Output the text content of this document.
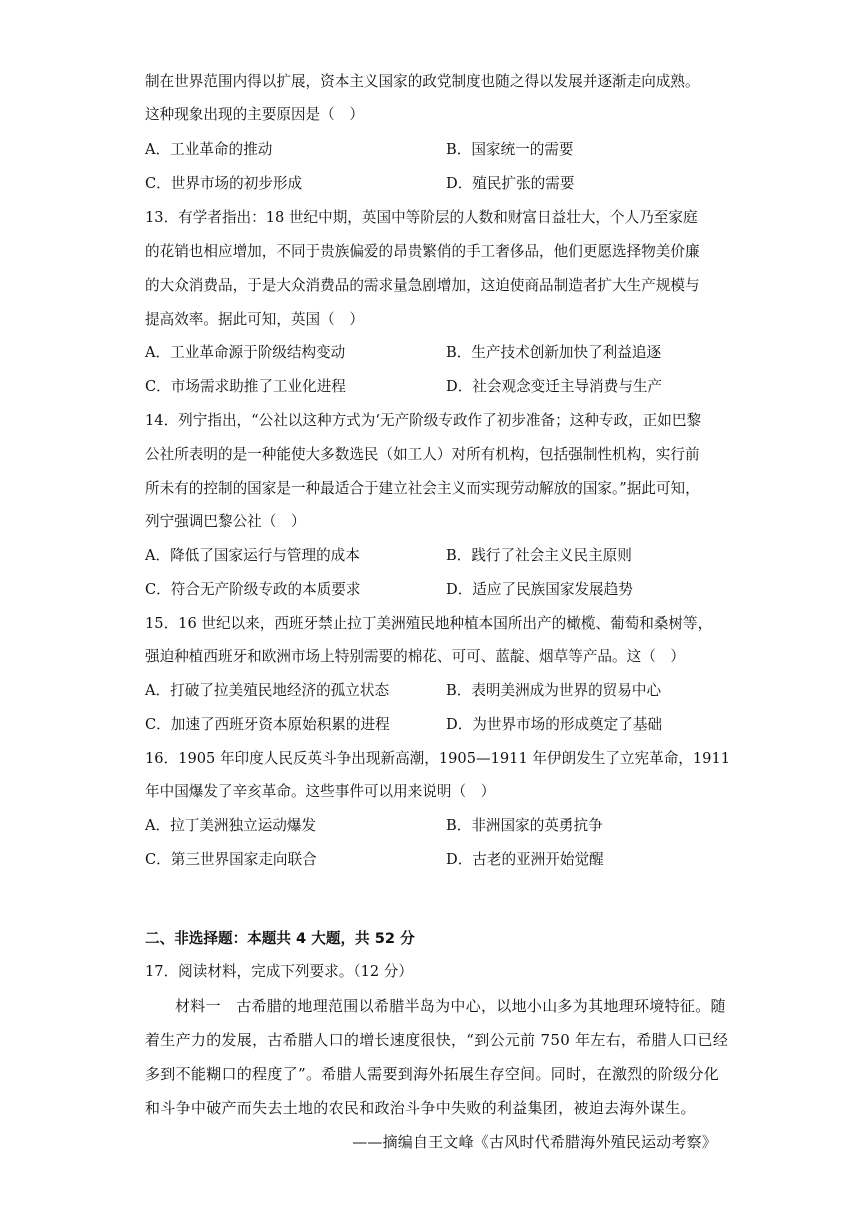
制在世界范围内得以扩展，资本主义国家的政党制度也随之得以发展并逐渐走向成熟。
这种现象出现的主要原因是（　）
A．工业革命的推动	B．国家统一的需要
C．世界市场的初步形成	D．殖民扩张的需要
13．有学者指出：18 世纪中期，英国中等阶层的人数和财富日益壮大，个人乃至家庭
的花销也相应增加，不同于贵族偏爱的昂贵繁俏的手工奢侈品，他们更愿选择物美价廉
的大众消费品，于是大众消费品的需求量急剧增加，这迫使商品制造者扩大生产规模与
提高效率。据此可知，英国（　）
A．工业革命源于阶级结构变动	B．生产技术创新加快了利益追逐
C．市场需求助推了工业化进程	D．社会观念变迁主导消费与生产
14．列宁指出，“公社以这种方式为‘无产阶级专政作了初步准备；这种专政，正如巴黎
公社所表明的是一种能使大多数选民（如工人）对所有机构，包括强制性机构，实行前
所未有的控制的国家是一种最适合于建立社会主义而实现劳动解放的国家。”据此可知，
列宁强调巴黎公社（　）
A．降低了国家运行与管理的成本	B．践行了社会主义民主原则
C．符合无产阶级专政的本质要求	D．适应了民族国家发展趋势
15．16 世纪以来，西班牙禁止拉丁美洲殖民地种植本国所出产的橄榄、葡萄和桑树等，
强迫种植西班牙和欧洲市场上特别需要的棉花、可可、蓝靛、烟草等产品。这（　）
A．打破了拉美殖民地经济的孤立状态	B．表明美洲成为世界的贸易中心
C．加速了西班牙资本原始积累的进程	D．为世界市场的形成奠定了基础
16．1905 年印度人民反英斗争出现新高潮，1905—1911 年伊朗发生了立宪革命，1911
年中国爆发了辛亥革命。这些事件可以用来说明（　）
A．拉丁美洲独立运动爆发	B．非洲国家的英勇抗争
C．第三世界国家走向联合	D．古老的亚洲开始觉醒
二、非选择题：本题共 4 大题，共 52 分
17．阅读材料，完成下列要求。（12 分）
材料一　古希腊的地理范围以希腊半岛为中心，以地小山多为其地理环境特征。随
着生产力的发展，古希腊人口的增长速度很快，“到公元前 750 年左右，希腊人口已经
多到不能糊口的程度了”。希腊人需要到海外拓展生存空间。同时，在激烈的阶级分化
和斗争中破产而失去土地的农民和政治斗争中失败的利益集团，被迫去海外谋生。
——摘编自王文峰《古风时代希腊海外殖民运动考察》
